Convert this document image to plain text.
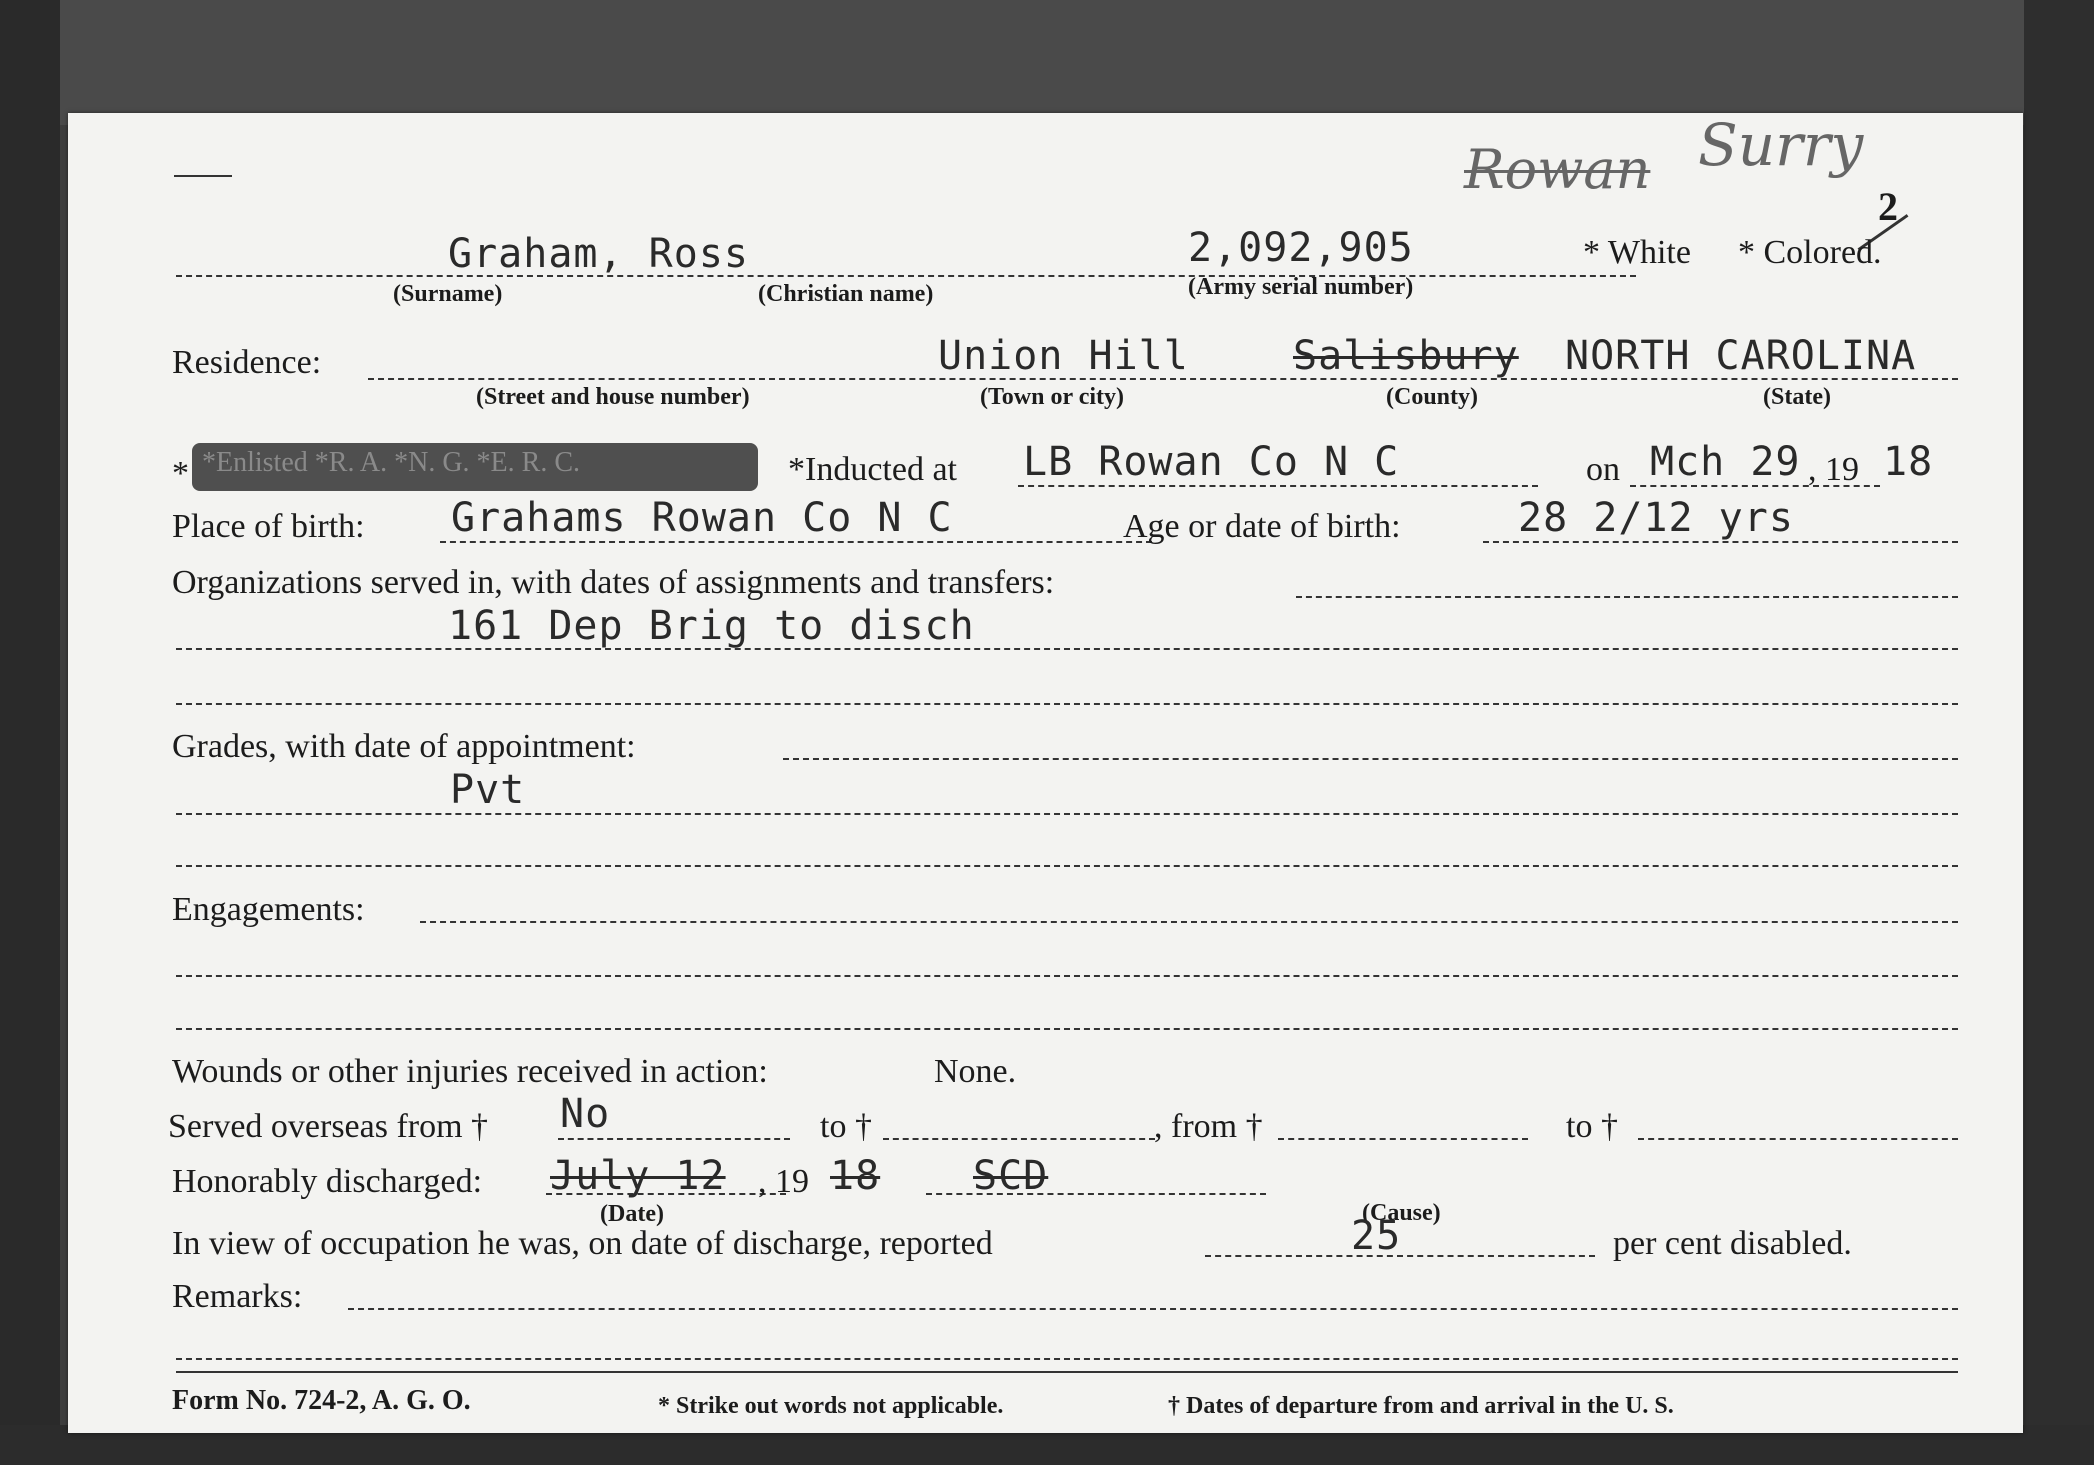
Rowan Surry
2
Graham, Ross	2,092,905	* White * Colored.
(Surname)	(Christian name)	(Army serial number)
Residence:	Union Hill	Salisbury NORTH CAROLINA
(Street and house number)	(Town or city)	(County)	(State)
* *Enlisted *R. A. *N. G. *E. R. C.	*Inducted at LB Rowan Co N C	on Mch 29 , 19 18
Place of birth: Grahams Rowan Co N C	Age or date of birth:	28 2/12 yrs
Organizations served in, with dates of assignments and transfers:
161 Dep Brig to disch
Grades, with date of appointment:
Pvt
Engagements:
Wounds or other injuries received in action:	None.
Served overseas from † No	to †	, from †	to †
Honorably discharged: July 12 , 19 18 SCD
(Date)	(Cause)
In view of occupation he was, on date of discharge, reported	25	per cent disabled.
Remarks:
Form No. 724-2, A. G. O.	* Strike out words not applicable.	† Dates of departure from and arrival in the U. S.
